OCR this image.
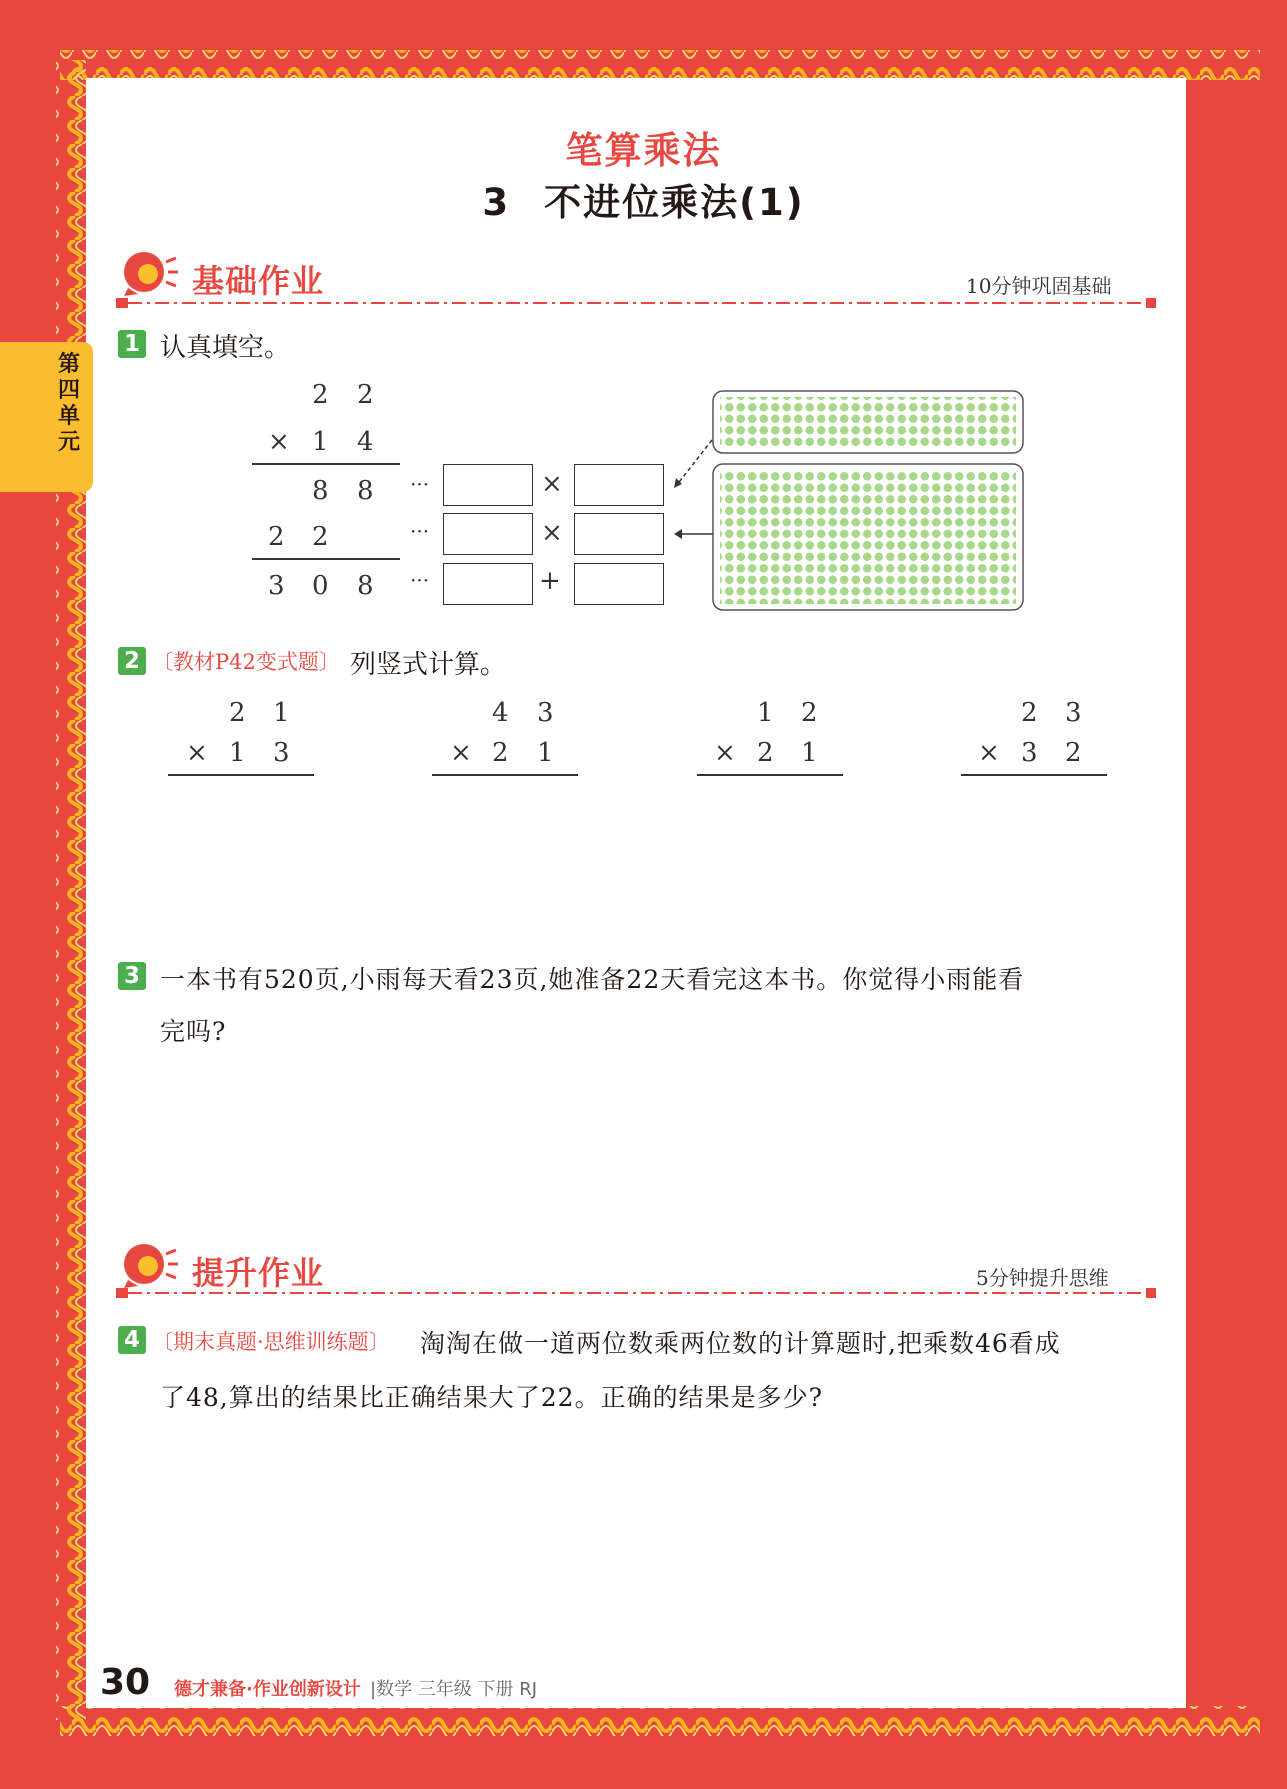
第四单元
笔算乘法
3 不进位乘法(1)
基础作业	10分钟巩固基础
1 认真填空。
2 2
× 1 4
8 8
2 2
3 0 8
···
···
···
×
×
+
2 〔教材P42变式题〕 列竖式计算。
2 1
× 1 3
4 3
× 2 1
1 2
× 2 1
2 3
× 3 2
3 一本书有520页,小雨每天看23页,她准备22天看完这本书。你觉得小雨能看
完吗?
提升作业	5分钟提升思维
4 〔期末真题·思维训练题〕 淘淘在做一道两位数乘两位数的计算题时,把乘数46看成
了48,算出的结果比正确结果大了22。正确的结果是多少?
30 德才兼备·作业创新设计 |数学 三年级 下册 RJ
